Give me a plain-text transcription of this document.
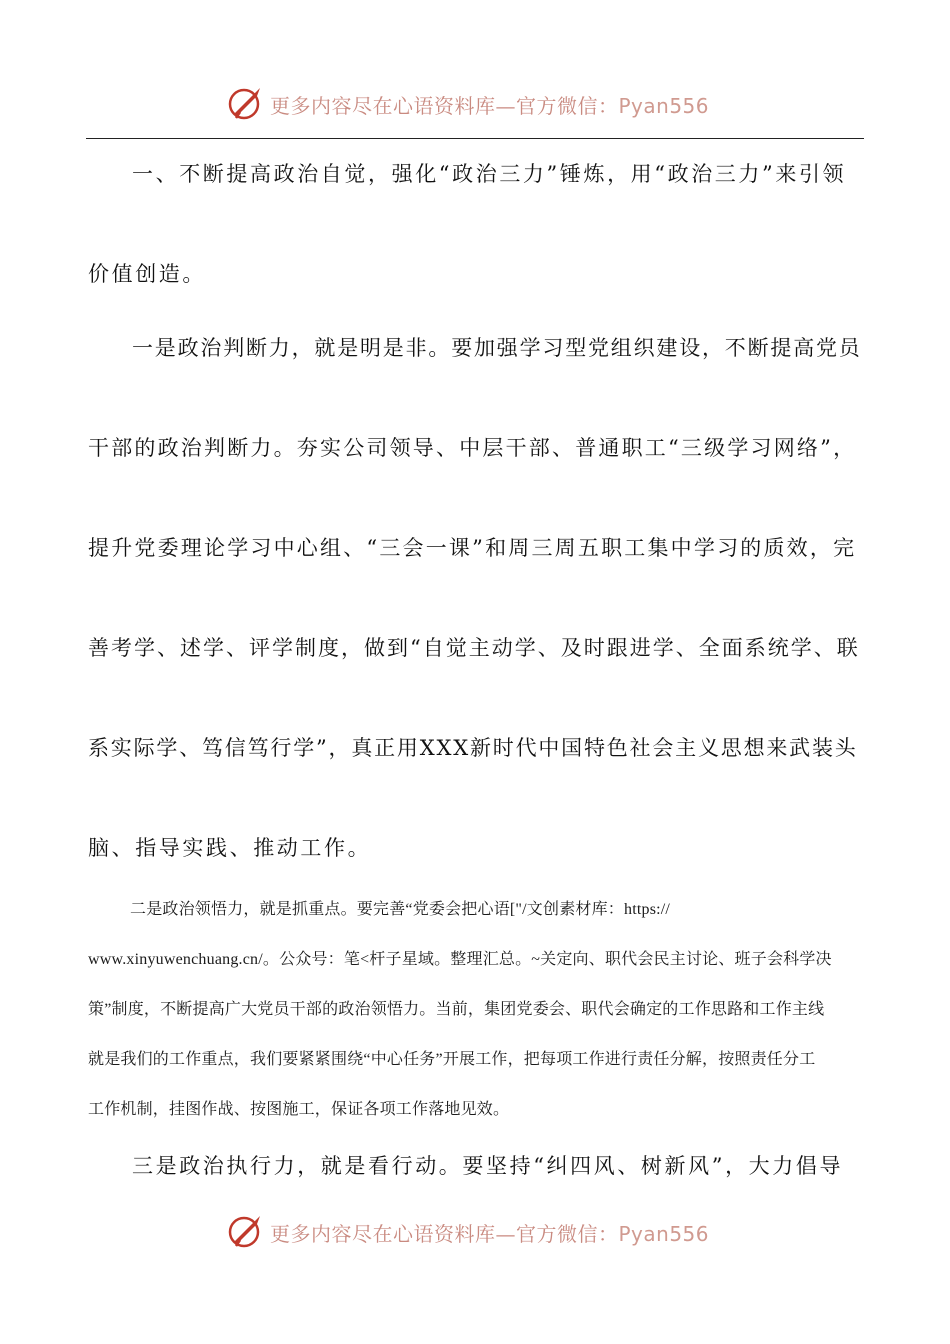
更多内容尽在心语资料库—官方微信：Pyan556
一、不断提高政治自觉，强化“政治三力”锤炼，用“政治三力”来引领
价值创造。
一是政治判断力，就是明是非。要加强学习型党组织建设，不断提高党员
干部的政治判断力。夯实公司领导、中层干部、普通职工“三级学习网络”，
提升党委理论学习中心组、“三会一课”和周三周五职工集中学习的质效，完
善考学、述学、评学制度，做到“自觉主动学、及时跟进学、全面系统学、联
系实际学、笃信笃行学”，真正用XXX新时代中国特色社会主义思想来武装头
脑、指导实践、推动工作。
二是政治领悟力，就是抓重点。要完善“党委会把心语["/文创素材库：https://
www.xinyuwenchuang.cn/。公众号：笔<杆子星域。整理汇总。~关定向、职代会民主讨论、班子会科学决
策”制度，不断提高广大党员干部的政治领悟力。当前，集团党委会、职代会确定的工作思路和工作主线
就是我们的工作重点，我们要紧紧围绕“中心任务”开展工作，把每项工作进行责任分解，按照责任分工
工作机制，挂图作战、按图施工，保证各项工作落地见效。
三是政治执行力，就是看行动。要坚持“纠四风、树新风”，大力倡导
更多内容尽在心语资料库—官方微信：Pyan556
